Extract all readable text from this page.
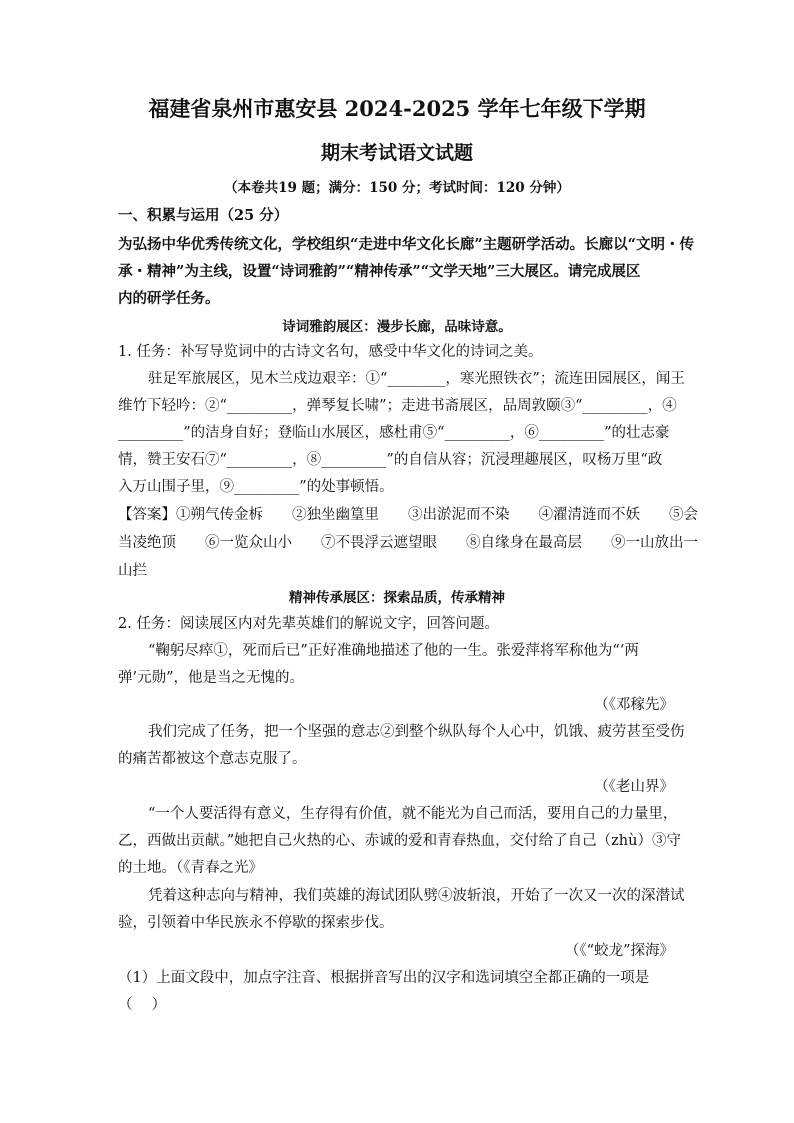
福建省泉州市惠安县 2024-2025 学年七年级下学期
期末考试语文试题
（本卷共19 题；满分：150 分；考试时间：120 分钟）
一、积累与运用（25 分）
为弘扬中华优秀传统文化，学校组织“走进中华文化长廊”主题研学活动。长廊以“文明・传
承・精神”为主线，设置“诗词雅韵”“精神传承”“文学天地”三大展区。请完成展区
内的研学任务。
诗词雅韵展区：漫步长廊，品味诗意。
1. 任务：补写导览词中的古诗文名句，感受中华文化的诗词之美。
驻足军旅展区，见木兰戍边艰辛：①“________，寒光照铁衣”；流连田园展区，闻王
维竹下轻吟：②“_________，弹琴复长啸”；走进书斋展区，品周敦颐③“_________，④
_________”的洁身自好；登临山水展区，感杜甫⑤“_________，⑥_________”的壮志豪
情，赞王安石⑦“_________，⑧_________”的自信从容；沉浸理趣展区，叹杨万里“政
入万山围子里，⑨_________”的处事顿悟。
【答案】①朔气传金柝　　②独坐幽篁里　　③出淤泥而不染　　④濯清涟而不妖　　⑤会
当凌绝顶　　⑥一览众山小　　⑦不畏浮云遮望眼　　⑧自缘身在最高层　　⑨一山放出一
山拦
精神传承展区：探索品质，传承精神
2. 任务：阅读展区内对先辈英雄们的解说文字，回答问题。
“鞠躬尽瘁①，死而后已”正好准确地描述了他的一生。张爱萍将军称他为“‘两
弹’元勋”，他是当之无愧的。
（《邓稼先》
我们完成了任务，把一个坚强的意志②到整个纵队每个人心中，饥饿、疲劳甚至受伤
的痛苦都被这个意志克服了。
（《老山界》
“一个人要活得有意义，生存得有价值，就不能光为自己而活，要用自己的力量里，
乙，西做出贡献。”她把自己火热的心、赤诚的爱和青春热血，交付给了自己（zhù）③守
的土地。（《青春之光》
凭着这种志向与精神，我们英雄的海试团队劈④波斩浪，开始了一次又一次的深潜试
验，引领着中华民族永不停歇的探索步伐。
（《“蛟龙”探海》
（1）上面文段中，加点字注音、根据拼音写出的汉字和选词填空全都正确的一项是
（　 ）
